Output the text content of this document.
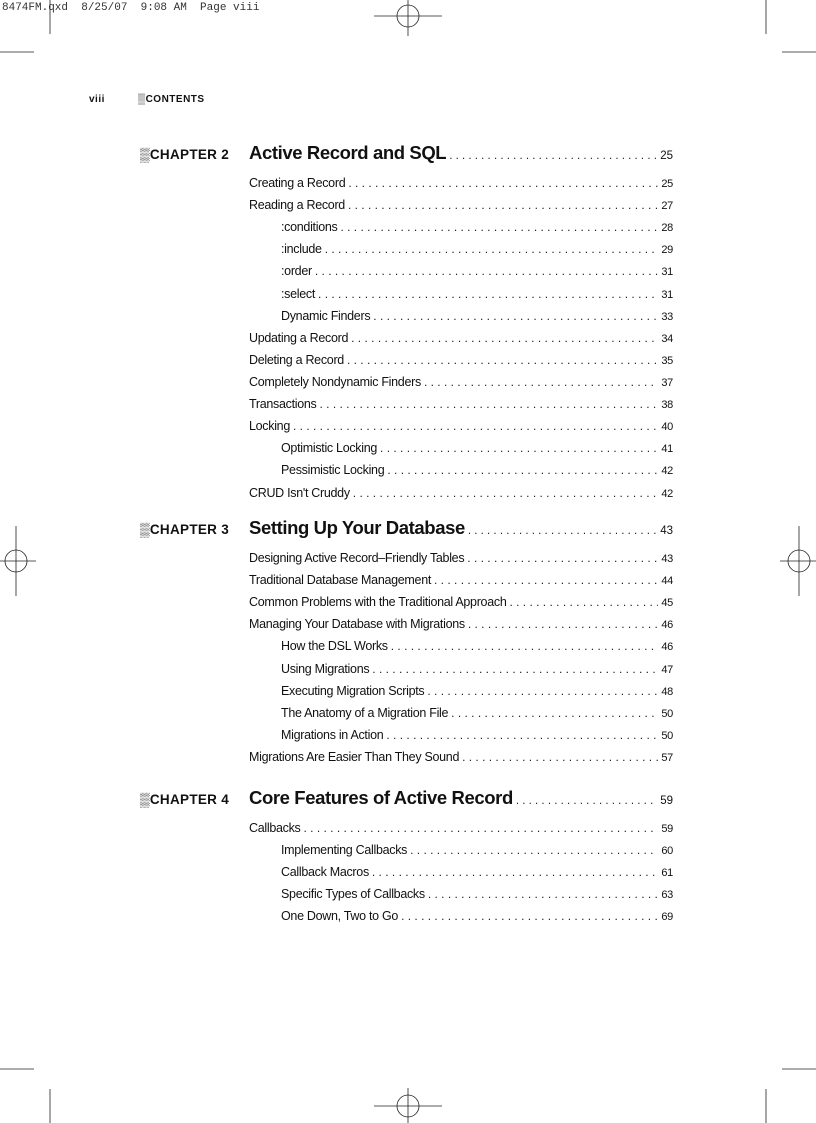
8474FM.qxd  8/25/07  9:08 AM  Page viii
viii	▒CONTENTS
▒CHAPTER 2 Active Record and SQL . . .	25
Creating a Record . . .	25
Reading a Record . . .	27
:conditions . . .	28
:include . . .	29
:order . . .	31
:select . . .	31
Dynamic Finders . . .	33
Updating a Record . . .	34
Deleting a Record . . .	35
Completely Nondynamic Finders . . .	37
Transactions . . .	38
Locking . . .	40
Optimistic Locking . . .	41
Pessimistic Locking . . .	42
CRUD Isn't Cruddy . . .	42
▒CHAPTER 3 Setting Up Your Database . . .	43
Designing Active Record–Friendly Tables . . .	43
Traditional Database Management . . .	44
Common Problems with the Traditional Approach . . .	45
Managing Your Database with Migrations . . .	46
How the DSL Works . . .	46
Using Migrations . . .	47
Executing Migration Scripts . . .	48
The Anatomy of a Migration File . . .	50
Migrations in Action . . .	50
Migrations Are Easier Than They Sound . . .	57
▒CHAPTER 4 Core Features of Active Record . . .	59
Callbacks . . .	59
Implementing Callbacks . . .	60
Callback Macros . . .	61
Specific Types of Callbacks . . .	63
One Down, Two to Go . . .	69
